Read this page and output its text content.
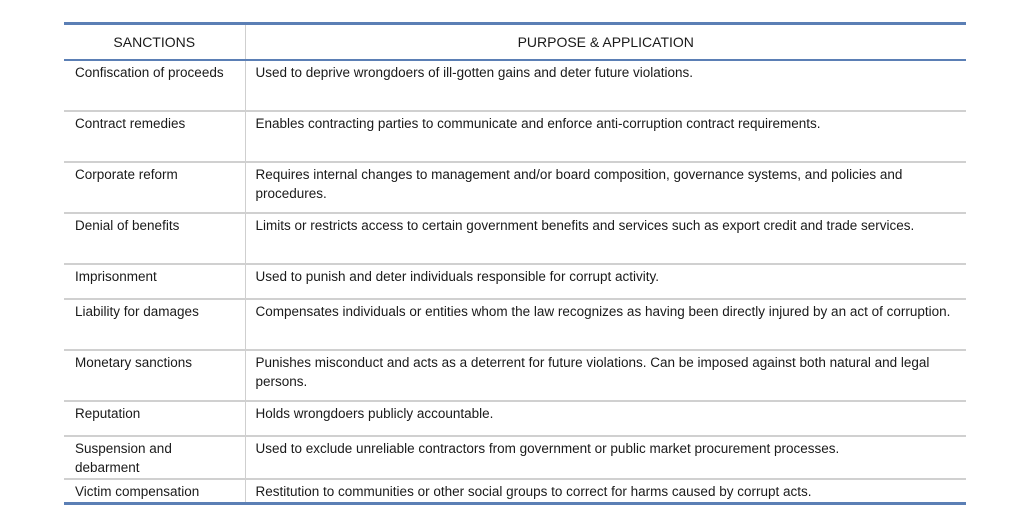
SANCTIONS	PURPOSE & APPLICATION
Confiscation of proceeds	Used to deprive wrongdoers of ill-gotten gains and deter future violations.
Contract remedies	Enables contracting parties to communicate and enforce anti-corruption contract requirements.
Corporate reform	Requires internal changes to management and/or board composition, governance systems, and policies and procedures.
Denial of benefits	Limits or restricts access to certain government benefits and services such as export credit and trade services.
Imprisonment	Used to punish and deter individuals responsible for corrupt activity.
Liability for damages	Compensates individuals or entities whom the law recognizes as having been directly injured by an act of corruption.
Monetary sanctions	Punishes misconduct and acts as a deterrent for future violations. Can be imposed against both natural and legal persons.
Reputation	Holds wrongdoers publicly accountable.
Suspension and debarment	Used to exclude unreliable contractors from government or public market procurement processes.
Victim compensation	Restitution to communities or other social groups to correct for harms caused by corrupt acts.
